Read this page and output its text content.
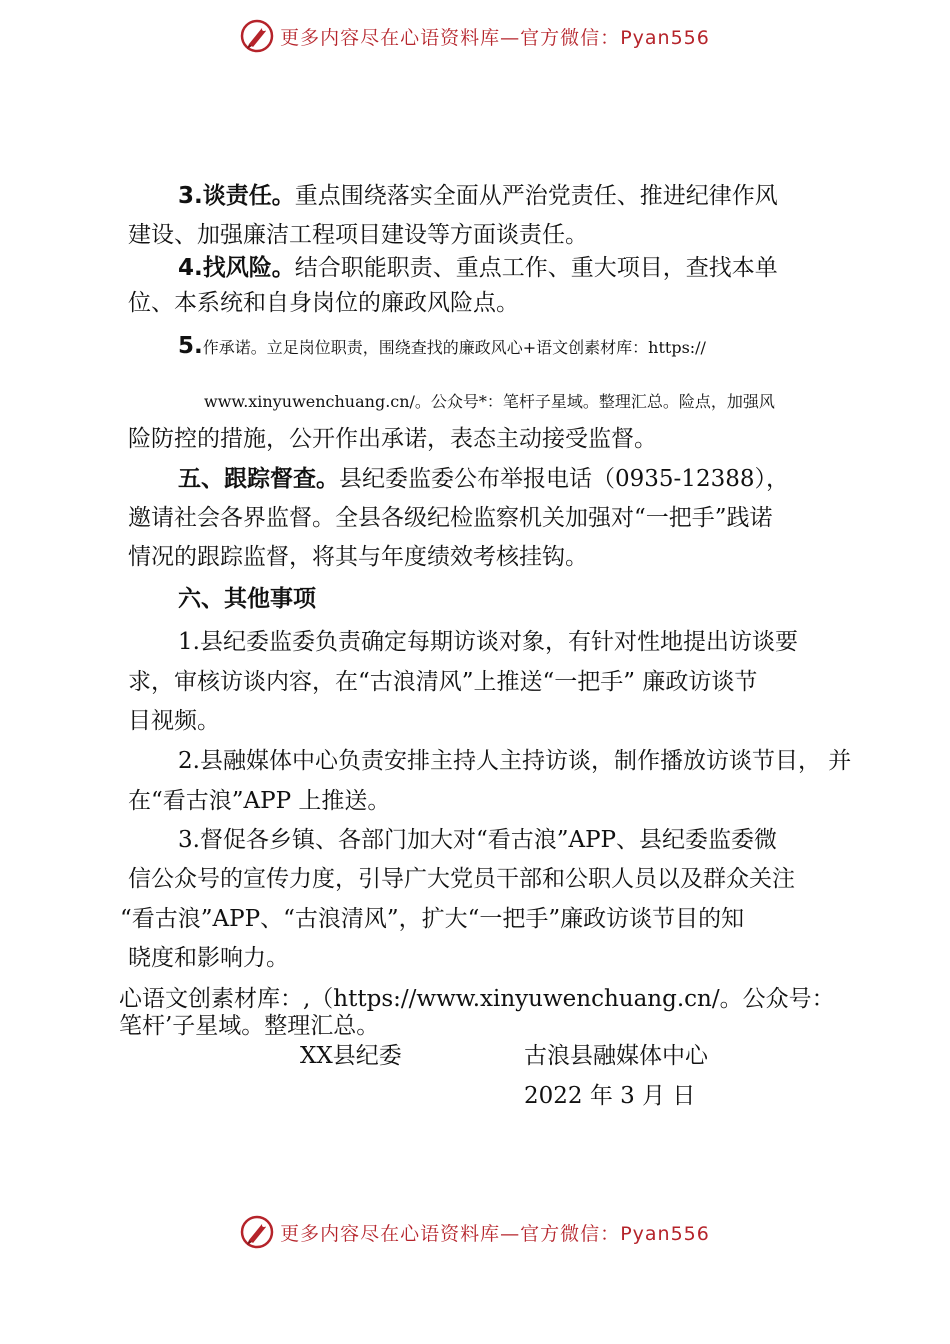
更多内容尽在心语资料库—官方微信：Pyan556
3.谈责任。重点围绕落实全面从严治党责任、推进纪律作风
建设、加强廉洁工程项目建设等方面谈责任。
4.找风险。结合职能职责、重点工作、重大项目，查找本单
位、本系统和自身岗位的廉政风险点。
5.作承诺。立足岗位职责，围绕查找的廉政风心+语文创素材库：https://
www.xinyuwenchuang.cn/。公众号*：笔杆子星域。整理汇总。险点，加强风
险防控的措施，公开作出承诺，表态主动接受监督。
五、跟踪督查。县纪委监委公布举报电话（0935-12388），
邀请社会各界监督。全县各级纪检监察机关加强对“一把手”践诺
情况的跟踪监督，将其与年度绩效考核挂钩。
六、其他事项
1.县纪委监委负责确定每期访谈对象，有针对性地提出访谈要
求，审核访谈内容，在“古浪清风”上推送“一把手” 廉政访谈节
目视频。
2.县融媒体中心负责安排主持人主持访谈，制作播放访谈节目， 并
在“看古浪”APP 上推送。
3.督促各乡镇、各部门加大对“看古浪”APP、县纪委监委微
信公众号的宣传力度，引导广大党员干部和公职人员以及群众关注
“看古浪”APP、“古浪清风”，扩大“一把手”廉政访谈节目的知
晓度和影响力。
心语文创素材库：,（https://www.xinyuwenchuang.cn/。公众号：
笔杆’子星域。整理汇总。
XX县纪委	古浪县融媒体中心
2022 年 3 月 日
更多内容尽在心语资料库—官方微信：Pyan556
